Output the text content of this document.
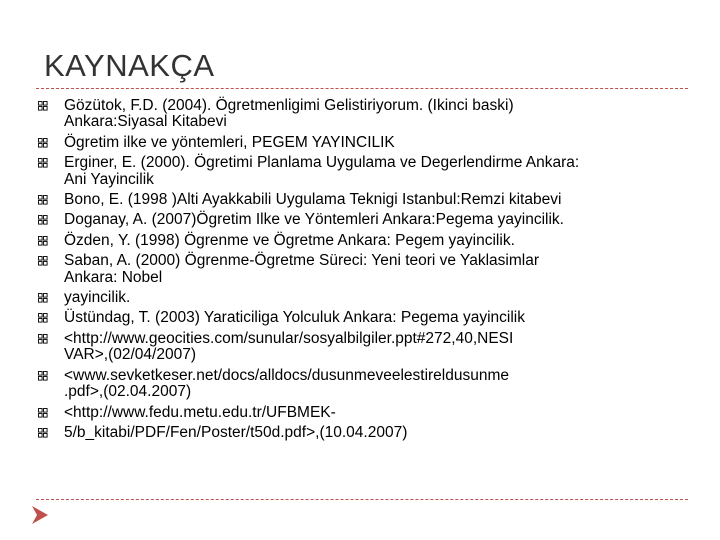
KAYNAKÇA
Gözütok, F.D. (2004). Ögretmenligimi Gelistiriyorum. (Ikinci baski)
Ankara:Siyasal Kitabevi
Ögretim ilke ve yöntemleri, PEGEM YAYINCILIK
Erginer, E. (2000). Ögretimi Planlama Uygulama ve Degerlendirme Ankara:
Ani Yayincilik
Bono, E. (1998 )Alti Ayakkabili Uygulama Teknigi Istanbul:Remzi kitabevi
Doganay, A. (2007)Ögretim Ilke ve Yöntemleri Ankara:Pegema yayincilik.
Özden, Y. (1998) Ögrenme ve Ögretme Ankara: Pegem yayincilik.
Saban, A. (2000) Ögrenme-Ögretme Süreci: Yeni teori ve Yaklasimlar
Ankara: Nobel
yayincilik.
Üstündag, T. (2003) Yaraticiliga Yolculuk Ankara: Pegema yayincilik
<http://www.geocities.com/sunular/sosyalbilgiler.ppt#272,40,NESI
VAR>,(02/04/2007)
<www.sevketkeser.net/docs/alldocs/dusunmeveelestireldusunme
.pdf>,(02.04.2007)
<http://www.fedu.metu.edu.tr/UFBMEK-
5/b_kitabi/PDF/Fen/Poster/t50d.pdf>,(10.04.2007)
